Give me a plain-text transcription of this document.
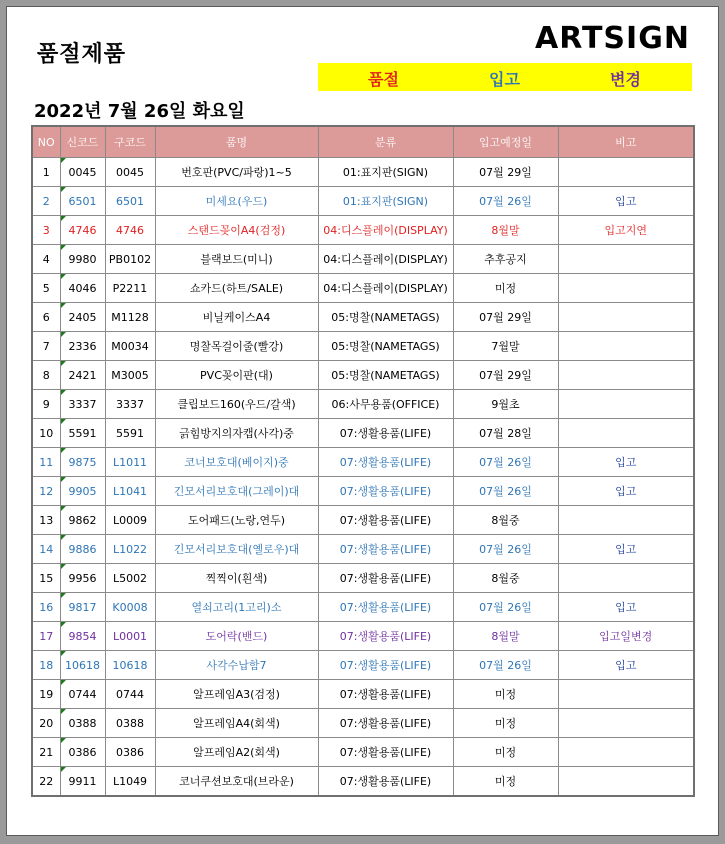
품절제품	ARTSIGN
품절	입고	변경
2022년 7월 26일 화요일
NO	신코드	구코드	품명	분류	입고예정일	비고
1	0045	0045	번호판(PVC/파랑)1~5	01:표지판(SIGN)	07월 29일	
2	6501	6501	미세요(우드)	01:표지판(SIGN)	07월 26일	입고
3	4746	4746	스탠드꽂이A4(검정)	04:디스플레이(DISPLAY)	8월말	입고지연
4	9980	PB0102	블랙보드(미니)	04:디스플레이(DISPLAY)	추후공지	
5	4046	P2211	쇼카드(하트/SALE)	04:디스플레이(DISPLAY)	미정	
6	2405	M1128	비닐케이스A4	05:명찰(NAMETAGS)	07월 29일	
7	2336	M0034	명찰목걸이줄(빨강)	05:명찰(NAMETAGS)	7월말	
8	2421	M3005	PVC꽂이판(대)	05:명찰(NAMETAGS)	07월 29일	
9	3337	3337	클립보드160(우드/갈색)	06:사무용품(OFFICE)	9월초	
10	5591	5591	긁힘방지의자캡(사각)중	07:생활용품(LIFE)	07월 28일	
11	9875	L1011	코너보호대(베이지)중	07:생활용품(LIFE)	07월 26일	입고
12	9905	L1041	긴모서리보호대(그레이)대	07:생활용품(LIFE)	07월 26일	입고
13	9862	L0009	도어패드(노랑,연두)	07:생활용품(LIFE)	8월중	
14	9886	L1022	긴모서리보호대(옐로우)대	07:생활용품(LIFE)	07월 26일	입고
15	9956	L5002	찍찍이(흰색)	07:생활용품(LIFE)	8월중	
16	9817	K0008	열쇠고리(1고리)소	07:생활용품(LIFE)	07월 26일	입고
17	9854	L0001	도어락(밴드)	07:생활용품(LIFE)	8월말	입고일변경
18	10618	10618	사각수납함7	07:생활용품(LIFE)	07월 26일	입고
19	0744	0744	알프레임A3(검정)	07:생활용품(LIFE)	미정	
20	0388	0388	알프레임A4(회색)	07:생활용품(LIFE)	미정	
21	0386	0386	알프레임A2(회색)	07:생활용품(LIFE)	미정	
22	9911	L1049	코너쿠션보호대(브라운)	07:생활용품(LIFE)	미정	
